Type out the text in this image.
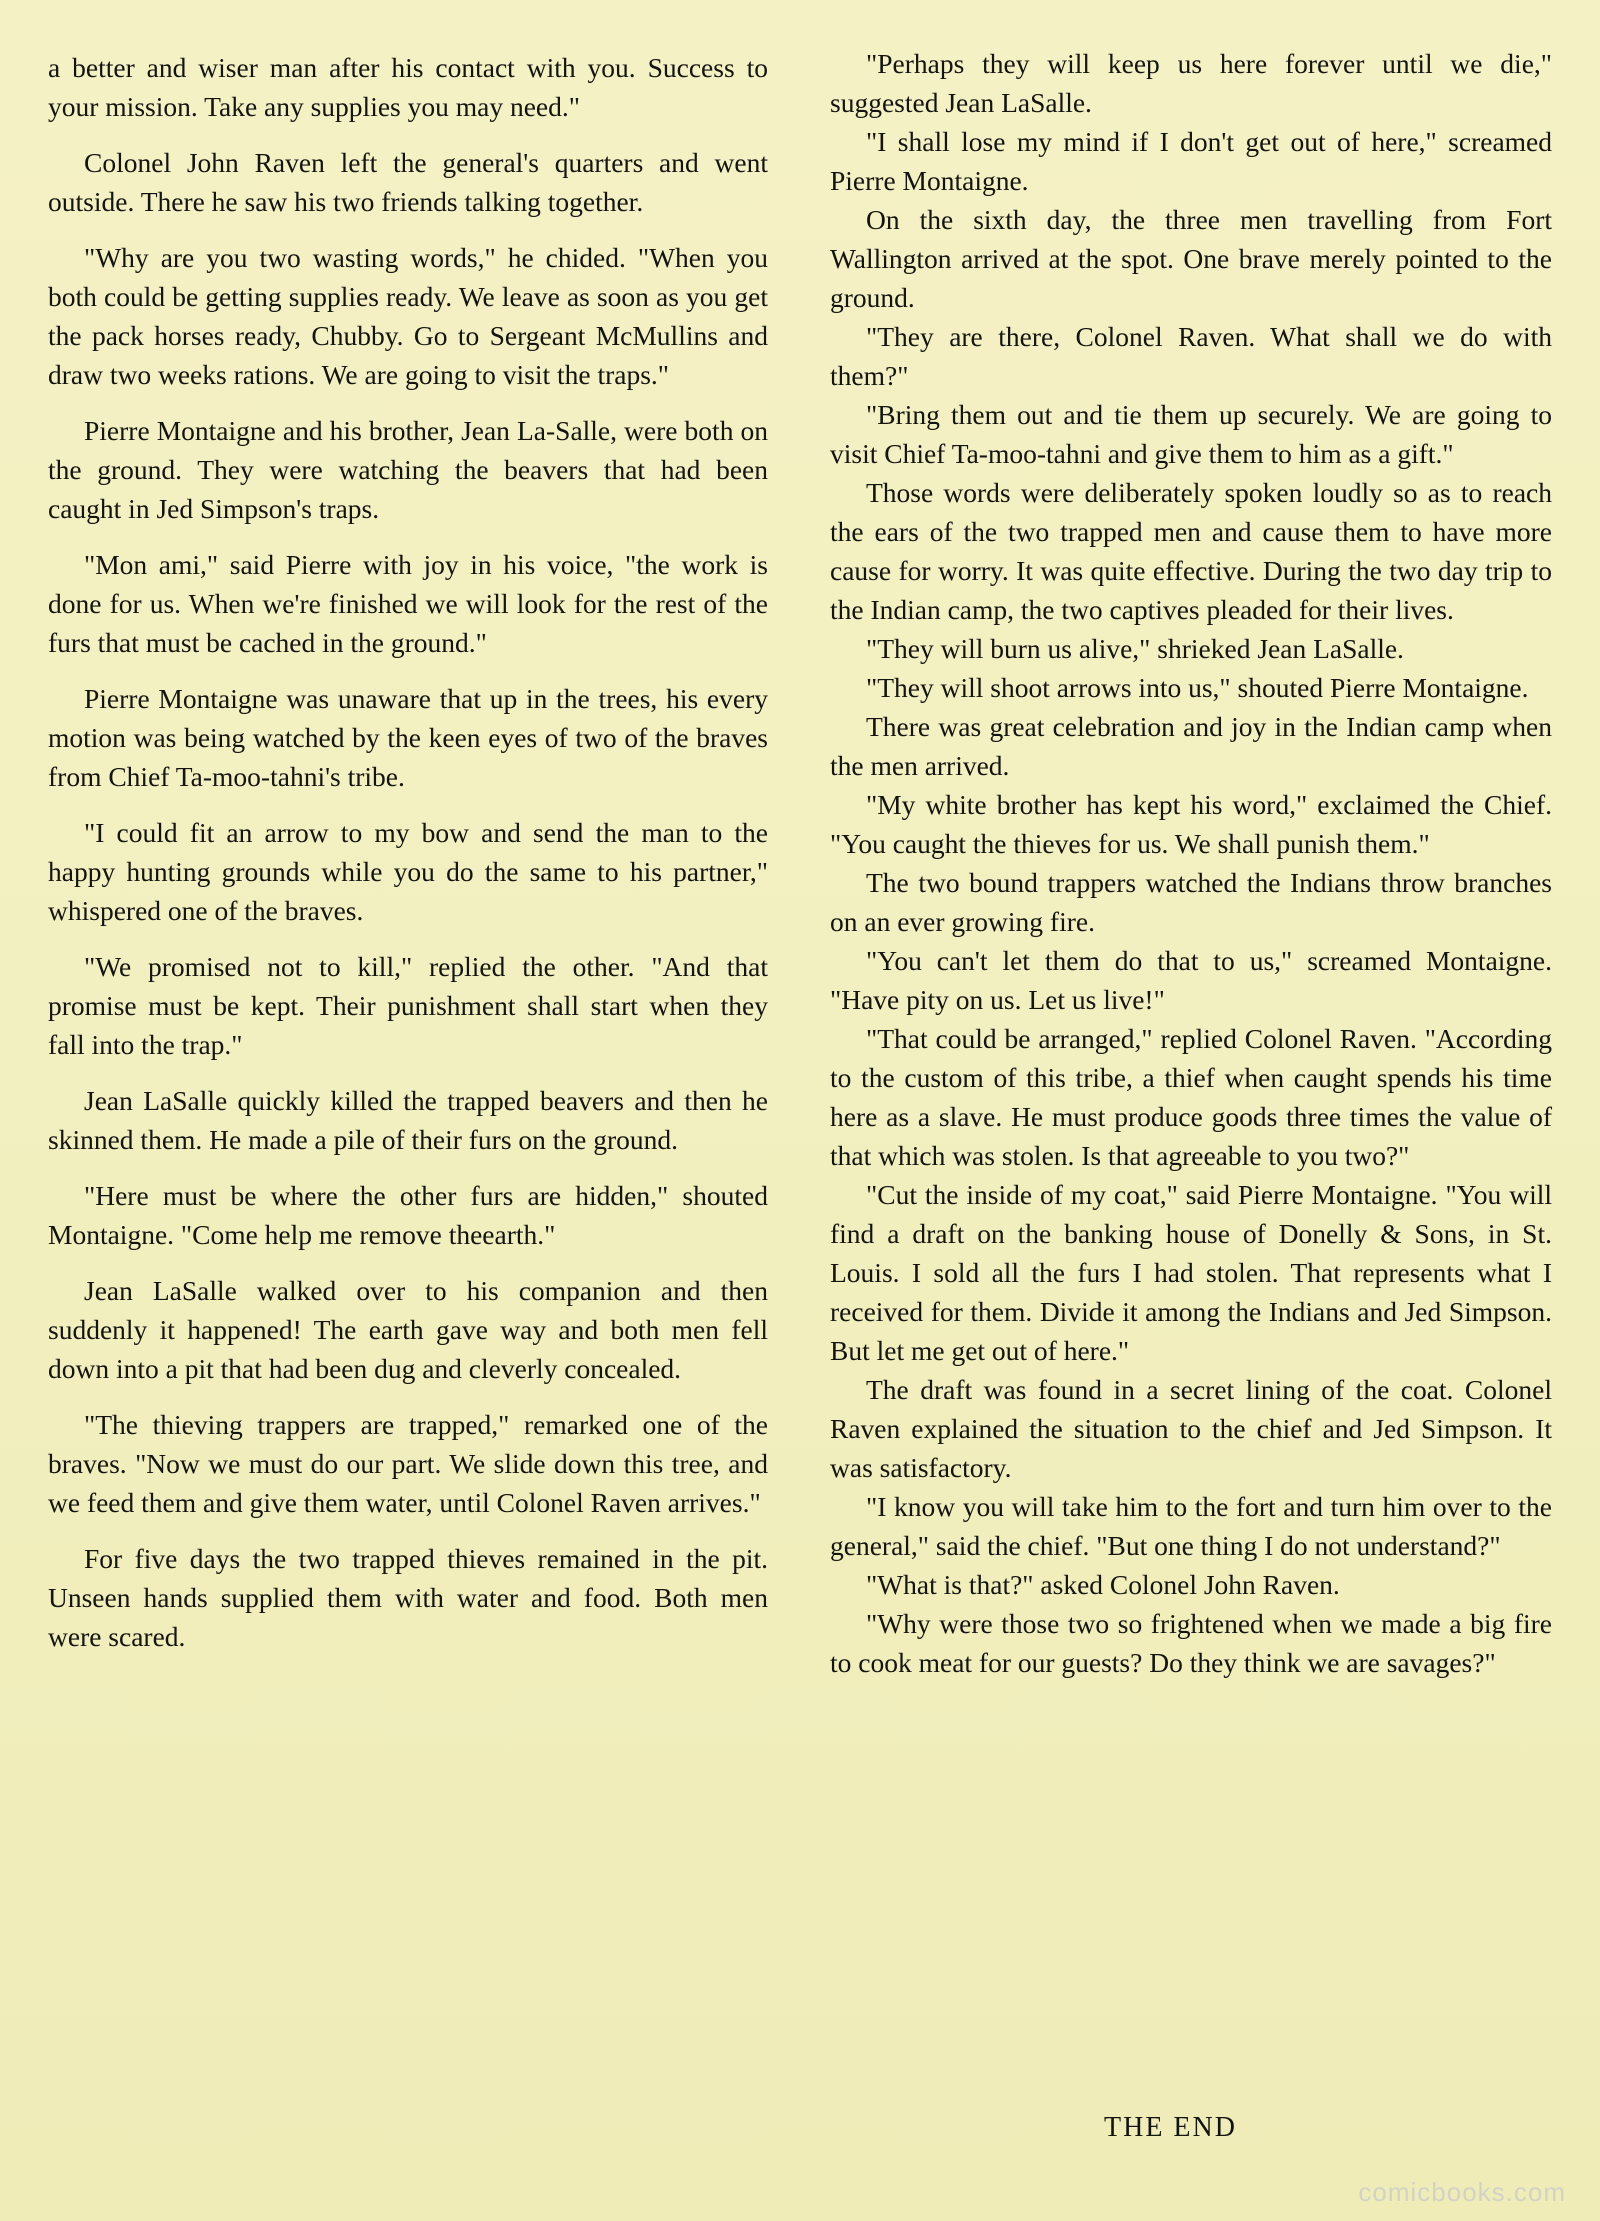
a better and wiser man after his contact with you. Success to your mission. Take any supplies you may need."

Colonel John Raven left the general's quarters and went outside. There he saw his two friends talking together.

"Why are you two wasting words," he chided. "When you both could be getting supplies ready. We leave as soon as you get the pack horses ready, Chubby. Go to Sergeant McMullins and draw two weeks rations. We are going to visit the traps."

Pierre Montaigne and his brother, Jean La-Salle, were both on the ground. They were watching the beavers that had been caught in Jed Simpson's traps.

"Mon ami," said Pierre with joy in his voice, "the work is done for us. When we're finished we will look for the rest of the furs that must be cached in the ground."

Pierre Montaigne was unaware that up in the trees, his every motion was being watched by the keen eyes of two of the braves from Chief Ta-moo-tahni's tribe.

"I could fit an arrow to my bow and send the man to the happy hunting grounds while you do the same to his partner," whispered one of the braves.

"We promised not to kill," replied the other. "And that promise must be kept. Their punishment shall start when they fall into the trap."

Jean LaSalle quickly killed the trapped beavers and then he skinned them. He made a pile of their furs on the ground.

"Here must be where the other furs are hidden," shouted Montaigne. "Come help me remove theearth."

Jean LaSalle walked over to his companion and then suddenly it happened! The earth gave way and both men fell down into a pit that had been dug and cleverly concealed.

"The thieving trappers are trapped," remarked one of the braves. "Now we must do our part. We slide down this tree, and we feed them and give them water, until Colonel Raven arrives."

For five days the two trapped thieves remained in the pit. Unseen hands supplied them with water and food. Both men were scared.

"Perhaps they will keep us here forever until we die," suggested Jean LaSalle.

"I shall lose my mind if I don't get out of here," screamed Pierre Montaigne.

On the sixth day, the three men travelling from Fort Wallington arrived at the spot. One brave merely pointed to the ground.

"They are there, Colonel Raven. What shall we do with them?"

"Bring them out and tie them up securely. We are going to visit Chief Ta-moo-tahni and give them to him as a gift."

Those words were deliberately spoken loudly so as to reach the ears of the two trapped men and cause them to have more cause for worry. It was quite effective. During the two day trip to the Indian camp, the two captives pleaded for their lives.

"They will burn us alive," shrieked Jean LaSalle.

"They will shoot arrows into us," shouted Pierre Montaigne.

There was great celebration and joy in the Indian camp when the men arrived.

"My white brother has kept his word," exclaimed the Chief. "You caught the thieves for us. We shall punish them."

The two bound trappers watched the Indians throw branches on an ever growing fire.

"You can't let them do that to us," screamed Montaigne. "Have pity on us. Let us live!"

"That could be arranged," replied Colonel Raven. "According to the custom of this tribe, a thief when caught spends his time here as a slave. He must produce goods three times the value of that which was stolen. Is that agreeable to you two?"

"Cut the inside of my coat," said Pierre Montaigne. "You will find a draft on the banking house of Donelly & Sons, in St. Louis. I sold all the furs I had stolen. That represents what I received for them. Divide it among the Indians and Jed Simpson. But let me get out of here."

The draft was found in a secret lining of the coat. Colonel Raven explained the situation to the chief and Jed Simpson. It was satisfactory.

"I know you will take him to the fort and turn him over to the general," said the chief. "But one thing I do not understand?"

"What is that?" asked Colonel John Raven.

"Why were those two so frightened when we made a big fire to cook meat for our guests? Do they think we are savages?"

THE END
comicbooks.com
